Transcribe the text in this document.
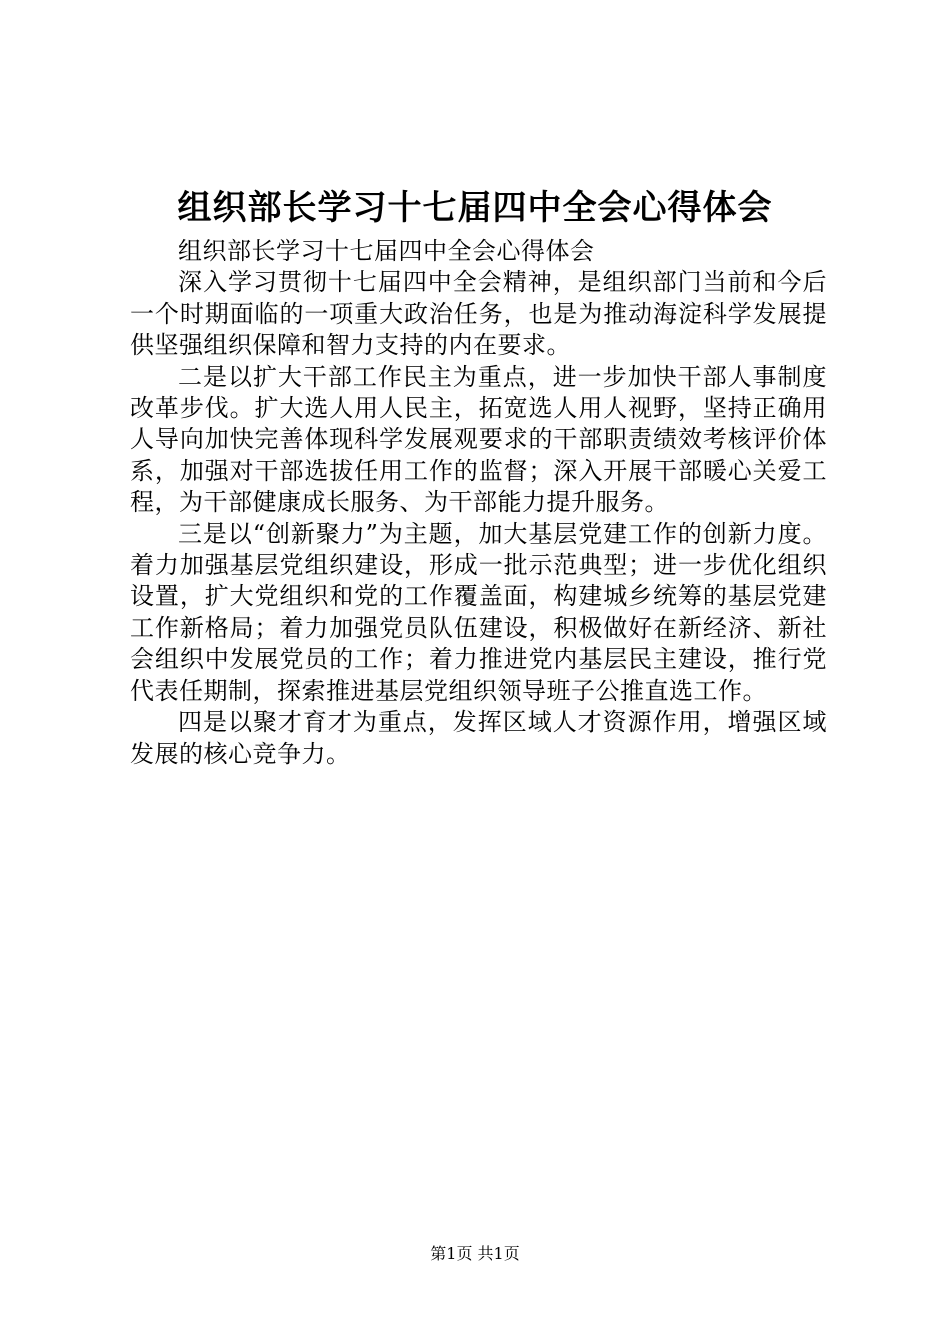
组织部长学习十七届四中全会心得体会

组织部长学习十七届四中全会心得体会

深入学习贯彻十七届四中全会精神，是组织部门当前和今后一个时期面临的一项重大政治任务，也是为推动海淀科学发展提供坚强组织保障和智力支持的内在要求。

二是以扩大干部工作民主为重点，进一步加快干部人事制度改革步伐。扩大选人用人民主，拓宽选人用人视野，坚持正确用人导向加快完善体现科学发展观要求的干部职责绩效考核评价体系，加强对干部选拔任用工作的监督；深入开展干部暖心关爱工程，为干部健康成长服务、为干部能力提升服务。

三是以“创新聚力”为主题，加大基层党建工作的创新力度。着力加强基层党组织建设，形成一批示范典型；进一步优化组织设置，扩大党组织和党的工作覆盖面，构建城乡统筹的基层党建工作新格局；着力加强党员队伍建设，积极做好在新经济、新社会组织中发展党员的工作；着力推进党内基层民主建设，推行党代表任期制，探索推进基层党组织领导班子公推直选工作。

四是以聚才育才为重点，发挥区域人才资源作用，增强区域发展的核心竞争力。

第1页 共1页
